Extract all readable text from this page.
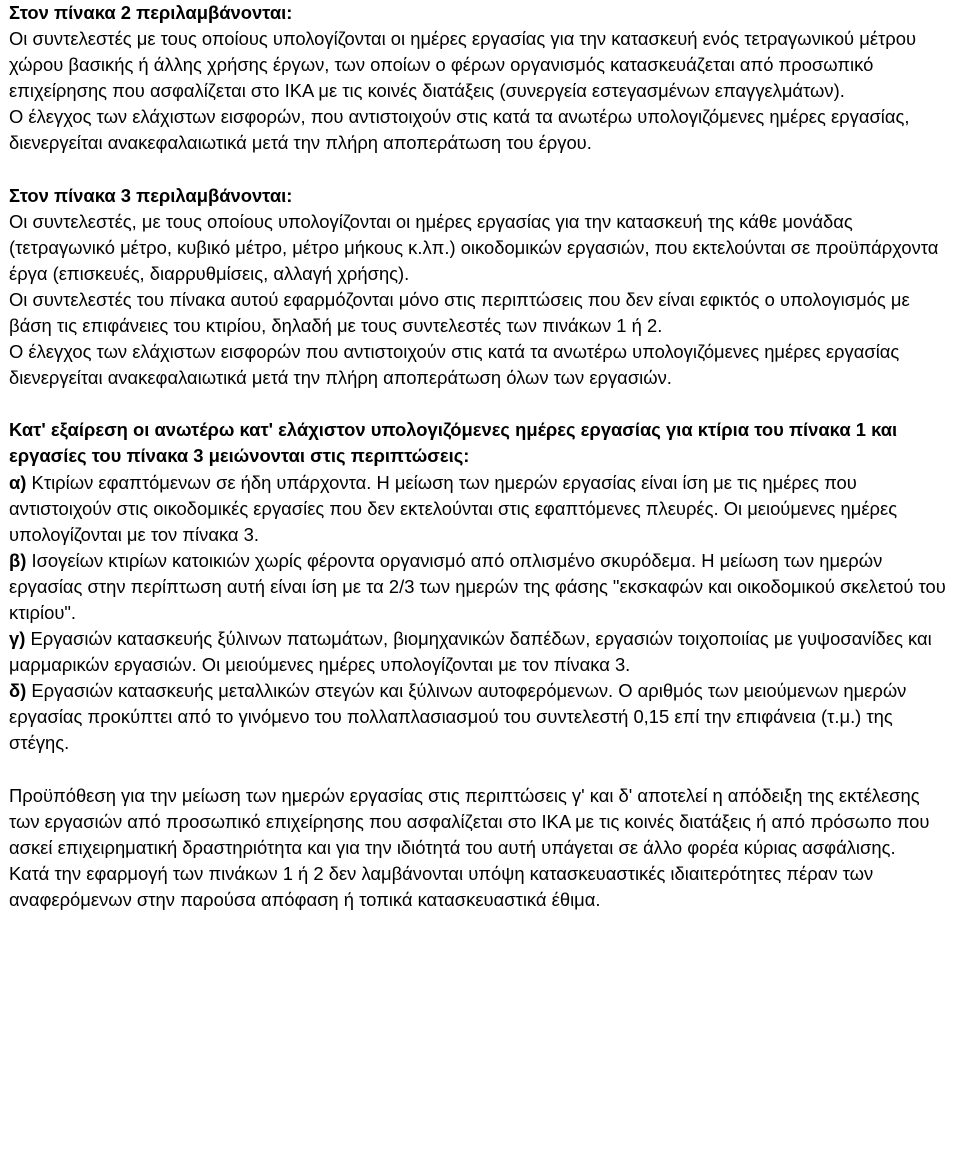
Στον πίνακα 2 περιλαμβάνονται:

Οι συντελεστές με τους οποίους υπολογίζονται οι ημέρες εργασίας για την κατασκευή ενός τετραγωνικού μέτρου χώρου βασικής ή άλλης χρήσης έργων, των οποίων ο φέρων οργανισμός κατασκευάζεται από προσωπικό επιχείρησης που ασφαλίζεται στο ΙΚΑ με τις κοινές διατάξεις (συνεργεία εστεγασμένων επαγγελμάτων).

Ο έλεγχος των ελάχιστων εισφορών, που αντιστοιχούν στις κατά τα ανωτέρω υπολογιζόμενες ημέρες εργασίας, διενεργείται ανακεφαλαιωτικά μετά την πλήρη αποπεράτωση του έργου.

Στον πίνακα 3 περιλαμβάνονται:

Οι συντελεστές, με τους οποίους υπολογίζονται οι ημέρες εργασίας για την κατασκευή της κάθε μονάδας (τετραγωνικό μέτρο, κυβικό μέτρο, μέτρο μήκους κ.λπ.) οικοδομικών εργασιών, που εκτελούνται σε προϋπάρχοντα έργα (επισκευές, διαρρυθμίσεις, αλλαγή χρήσης).

Οι συντελεστές του πίνακα αυτού εφαρμόζονται μόνο στις περιπτώσεις που δεν είναι εφικτός ο υπολογισμός με βάση τις επιφάνειες του κτιρίου, δηλαδή με τους συντελεστές των πινάκων 1 ή 2.

Ο έλεγχος των ελάχιστων εισφορών που αντιστοιχούν στις κατά τα ανωτέρω υπολογιζόμενες ημέρες εργασίας διενεργείται ανακεφαλαιωτικά μετά την πλήρη αποπεράτωση όλων των εργασιών.

Κατ' εξαίρεση οι ανωτέρω κατ' ελάχιστον υπολογιζόμενες ημέρες εργασίας για κτίρια του πίνακα 1 και εργασίες του πίνακα 3 μειώνονται στις περιπτώσεις:

α) Κτιρίων εφαπτόμενων σε ήδη υπάρχοντα. Η μείωση των ημερών εργασίας είναι ίση με τις ημέρες που αντιστοιχούν στις οικοδομικές εργασίες που δεν εκτελούνται στις εφαπτόμενες πλευρές. Οι μειούμενες ημέρες υπολογίζονται με τον πίνακα 3.

β) Ισογείων κτιρίων κατοικιών χωρίς φέροντα οργανισμό από οπλισμένο σκυρόδεμα. Η μείωση των ημερών εργασίας στην περίπτωση αυτή είναι ίση με τα 2/3 των ημερών της φάσης "εκσκαφών και οικοδομικού σκελετού του κτιρίου".

γ) Εργασιών κατασκευής ξύλινων πατωμάτων, βιομηχανικών δαπέδων, εργασιών τοιχοποιίας με γυψοσανίδες και μαρμαρικών εργασιών. Οι μειούμενες ημέρες υπολογίζονται με τον πίνακα 3.

δ) Εργασιών κατασκευής μεταλλικών στεγών και ξύλινων αυτοφερόμενων. Ο αριθμός των μειούμενων ημερών εργασίας προκύπτει από το γινόμενο του πολλαπλασιασμού του συντελεστή 0,15 επί την επιφάνεια (τ.μ.) της στέγης.

Προϋπόθεση για την μείωση των ημερών εργασίας στις περιπτώσεις γ' και δ' αποτελεί η απόδειξη της εκτέλεσης των εργασιών από προσωπικό επιχείρησης που ασφαλίζεται στο ΙΚΑ με τις κοινές διατάξεις ή από πρόσωπο που ασκεί επιχειρηματική δραστηριότητα και για την ιδιότητά του αυτή υπάγεται σε άλλο φορέα κύριας ασφάλισης.

Κατά την εφαρμογή των πινάκων 1 ή 2 δεν λαμβάνονται υπόψη κατασκευαστικές ιδιαιτερότητες πέραν των αναφερόμενων στην παρούσα απόφαση ή τοπικά κατασκευαστικά έθιμα.
